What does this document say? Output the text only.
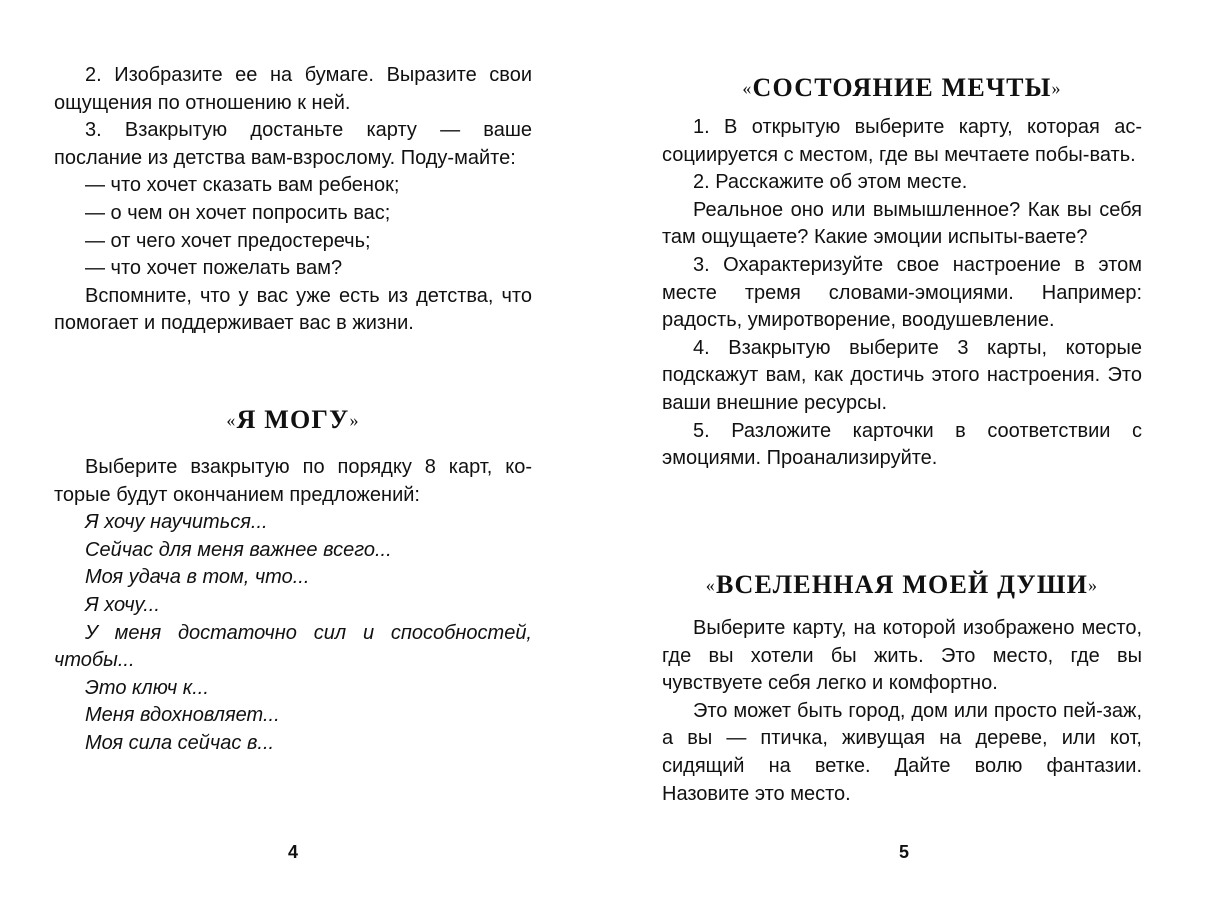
2. Изобразите ее на бумаге. Выразите свои ощущения по отношению к ней.

3. Взакрытую достаньте карту — ваше послание из детства вам-взрослому. Поду-майте:

— что хочет сказать вам ребенок;

— о чем он хочет попросить вас;

— от чего хочет предостеречь;

— что хочет пожелать вам?

Вспомните, что у вас уже есть из детства, что помогает и поддерживает вас в жизни.

«Я МОГУ»

Выберите взакрытую по порядку 8 карт, ко-торые будут окончанием предложений:

Я хочу научиться...

Сейчас для меня важнее всего...

Моя удача в том, что...

Я хочу...

У меня достаточно сил и способностей, чтобы...

Это ключ к...

Меня вдохновляет...

Моя сила сейчас в...

4
«СОСТОЯНИЕ МЕЧТЫ»

1. В открытую выберите карту, которая ас-социируется с местом, где вы мечтаете побы-вать.

2. Расскажите об этом месте.

Реальное оно или вымышленное? Как вы себя там ощущаете? Какие эмоции испыты-ваете?

3. Охарактеризуйте свое настроение в этом месте тремя словами-эмоциями. Например: радость, умиротворение, воодушевление.

4. Взакрытую выберите 3 карты, которые подскажут вам, как достичь этого настроения. Это ваши внешние ресурсы.

5. Разложите карточки в соответствии с эмоциями. Проанализируйте.

«ВСЕЛЕННАЯ МОЕЙ ДУШИ»

Выберите карту, на которой изображено место, где вы хотели бы жить. Это место, где вы чувствуете себя легко и комфортно.

Это может быть город, дом или просто пей-заж, а вы — птичка, живущая на дереве, или кот, сидящий на ветке. Дайте волю фантазии. Назовите это место.

5
